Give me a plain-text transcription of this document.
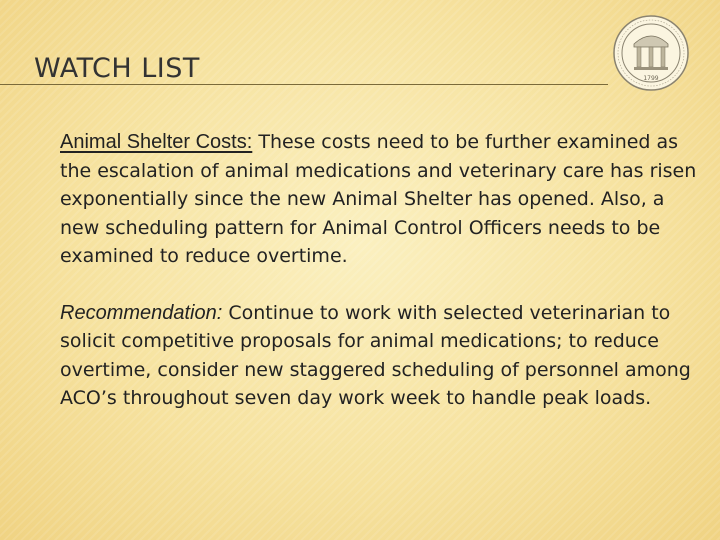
WATCH LIST	1799

Animal Shelter Costs: These costs need to be further examined as the escalation of animal medications and veterinary care has risen exponentially since the new Animal Shelter has opened. Also, a new scheduling pattern for Animal Control Officers needs to be examined to reduce overtime.

Recommendation: Continue to work with selected veterinarian to solicit competitive proposals for animal medications; to reduce overtime, consider new staggered scheduling of personnel among ACO’s throughout seven day work week to handle peak loads.
